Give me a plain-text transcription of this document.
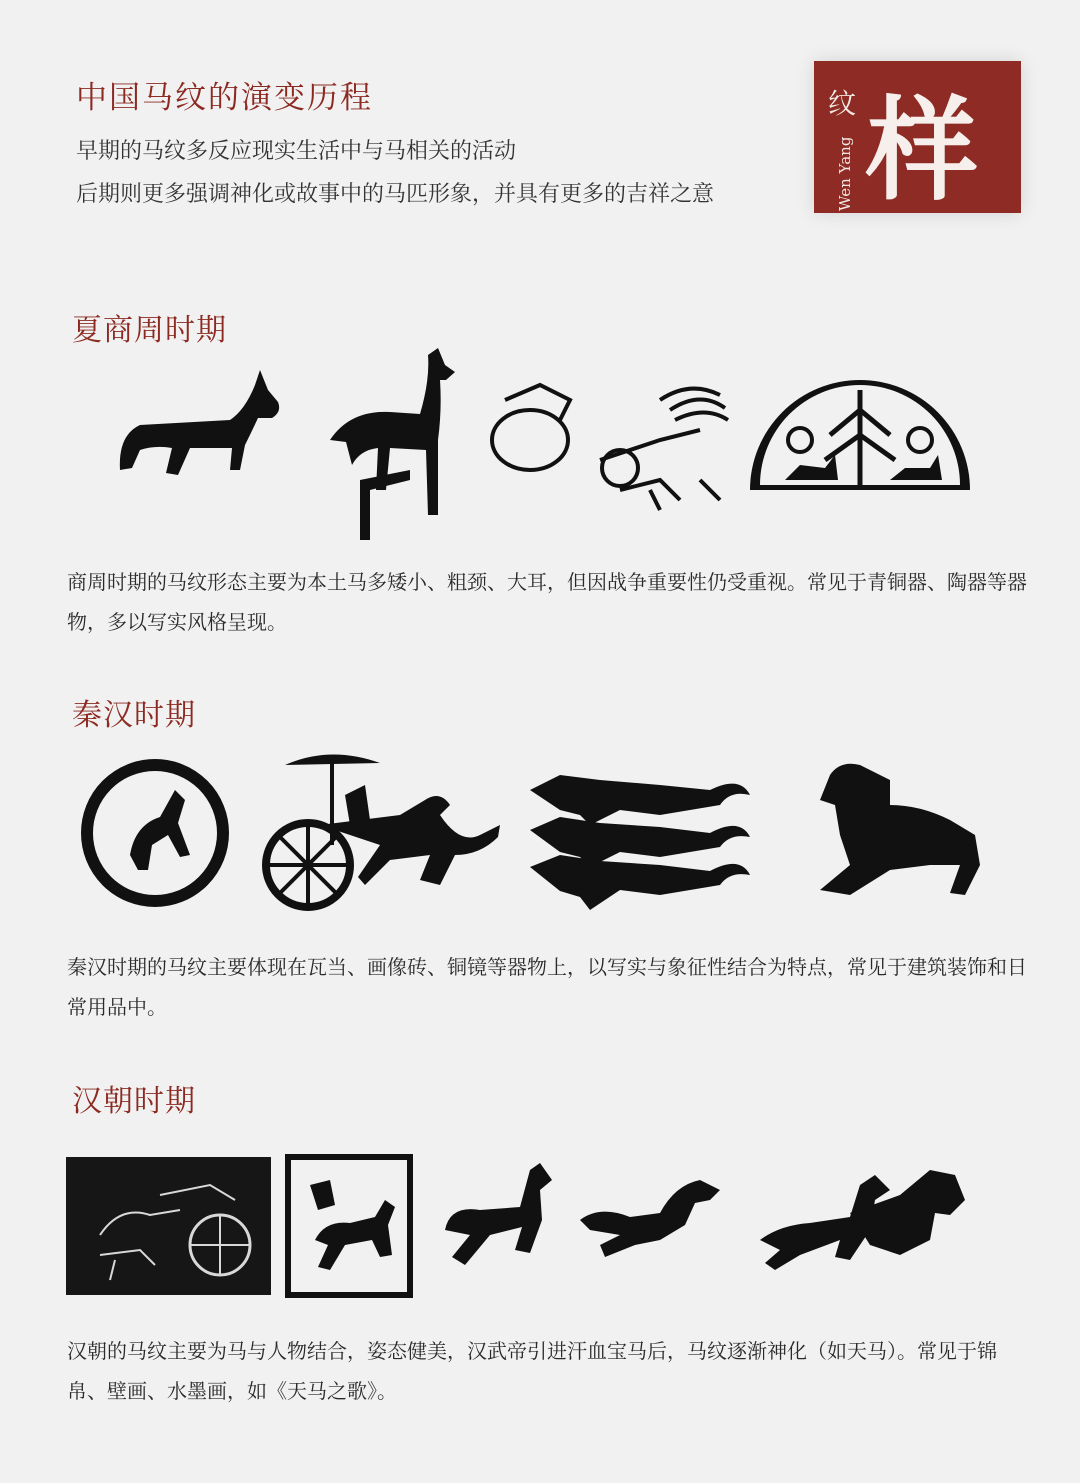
中国马纹的演变历程
早期的马纹多反应现实生活中与马相关的活动
后期则更多强调神化或故事中的马匹形象，并具有更多的吉祥之意
纹 样
Wen Yang
夏商周时期
商周时期的马纹形态主要为本土马多矮小、粗颈、大耳，但因战争重要性仍受重视。常见于青铜器、陶器等器物，多以写实风格呈现。
秦汉时期
秦汉时期的马纹主要体现在瓦当、画像砖、铜镜等器物上，以写实与象征性结合为特点，常见于建筑装饰和日常用品中。
汉朝时期
汉朝的马纹主要为马与人物结合，姿态健美，汉武帝引进汗血宝马后，马纹逐渐神化（如天马）。常见于锦帛、壁画、水墨画，如《天马之歌》。
